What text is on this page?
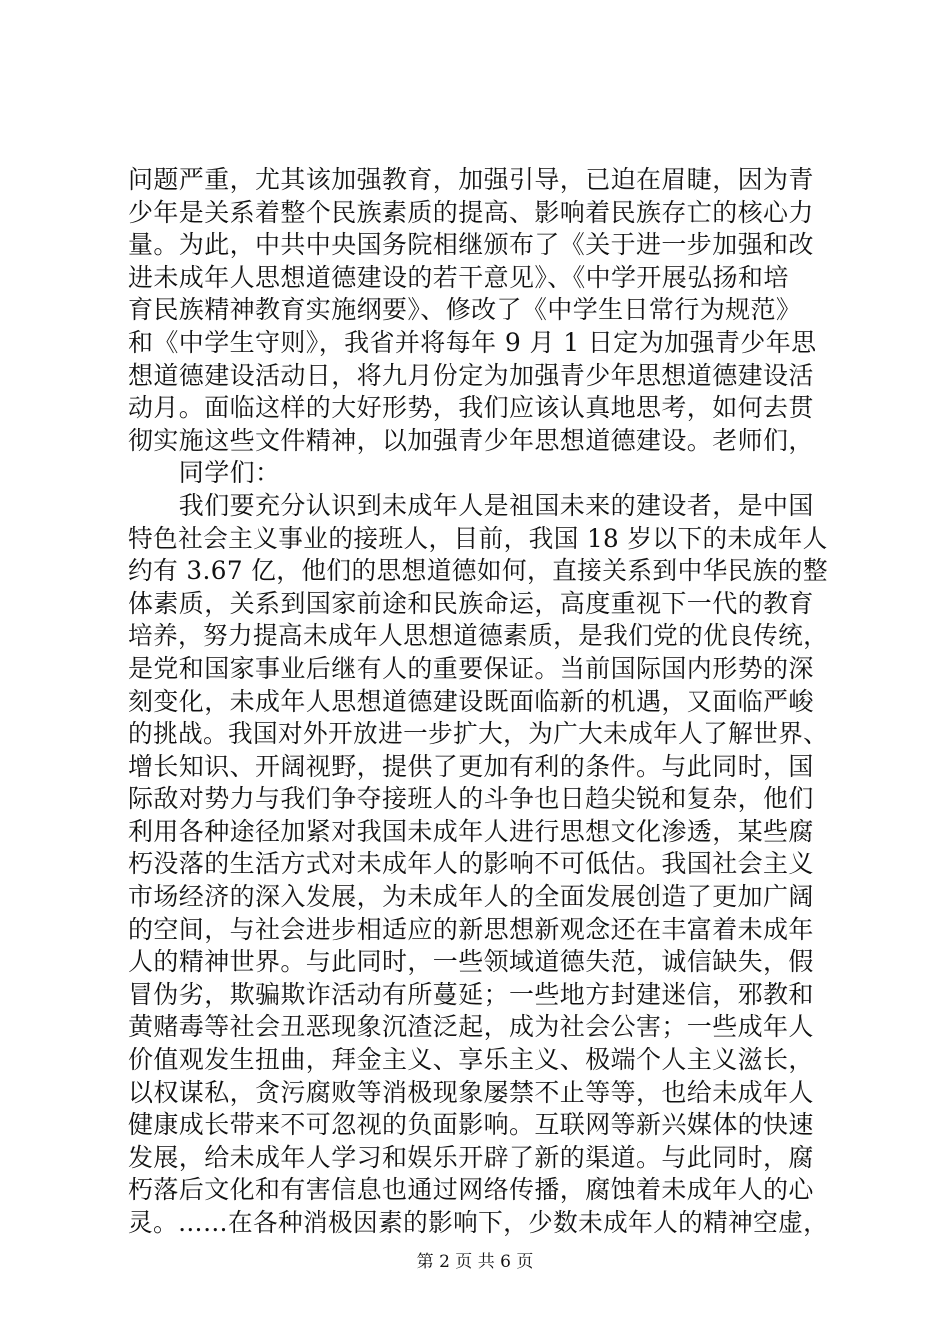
问题严重，尤其该加强教育，加强引导，已迫在眉睫，因为青
少年是关系着整个民族素质的提高、影响着民族存亡的核心力
量。为此，中共中央国务院相继颁布了《关于进一步加强和改
进未成年人思想道德建设的若干意见》、《中学开展弘扬和培
育民族精神教育实施纲要》、修改了《中学生日常行为规范》
和《中学生守则》，我省并将每年 9 月 1 日定为加强青少年思
想道德建设活动日，将九月份定为加强青少年思想道德建设活
动月。面临这样的大好形势，我们应该认真地思考，如何去贯
彻实施这些文件精神，以加强青少年思想道德建设。老师们，
　　同学们：
　　我们要充分认识到未成年人是祖国未来的建设者，是中国
特色社会主义事业的接班人，目前，我国 18 岁以下的未成年人
约有 3.67 亿，他们的思想道德如何，直接关系到中华民族的整
体素质，关系到国家前途和民族命运，高度重视下一代的教育
培养，努力提高未成年人思想道德素质，是我们党的优良传统，
是党和国家事业后继有人的重要保证。当前国际国内形势的深
刻变化，未成年人思想道德建设既面临新的机遇，又面临严峻
的挑战。我国对外开放进一步扩大，为广大未成年人了解世界、
增长知识、开阔视野，提供了更加有利的条件。与此同时，国
际敌对势力与我们争夺接班人的斗争也日趋尖锐和复杂，他们
利用各种途径加紧对我国未成年人进行思想文化渗透，某些腐
朽没落的生活方式对未成年人的影响不可低估。我国社会主义
市场经济的深入发展，为未成年人的全面发展创造了更加广阔
的空间，与社会进步相适应的新思想新观念还在丰富着未成年
人的精神世界。与此同时，一些领域道德失范，诚信缺失，假
冒伪劣，欺骗欺诈活动有所蔓延；一些地方封建迷信，邪教和
黄赌毒等社会丑恶现象沉渣泛起，成为社会公害；一些成年人
价值观发生扭曲，拜金主义、享乐主义、极端个人主义滋长，
以权谋私，贪污腐败等消极现象屡禁不止等等，也给未成年人
健康成长带来不可忽视的负面影响。互联网等新兴媒体的快速
发展，给未成年人学习和娱乐开辟了新的渠道。与此同时，腐
朽落后文化和有害信息也通过网络传播，腐蚀着未成年人的心
灵。……在各种消极因素的影响下，少数未成年人的精神空虚，
第 2 页 共 6 页
